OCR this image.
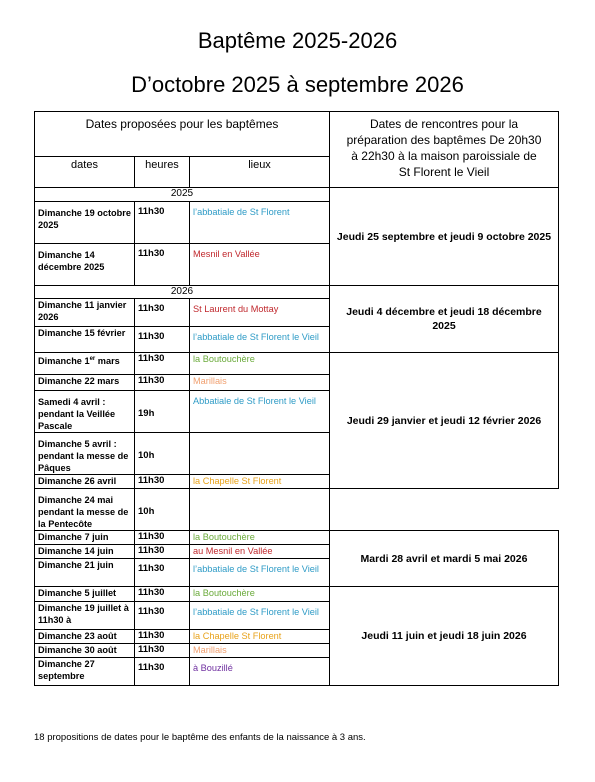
Baptême 2025-2026
D’octobre 2025 à septembre 2026
Dates proposées pour les baptêmes			Dates de rencontres pour la préparation des baptêmes De 20h30 à 22h30 à la maison paroissiale de St Florent le Vieil
dates	heures	lieux	
2025			Jeudi 25 septembre et jeudi 9 octobre 2025
Dimanche 19 octobre 2025	11h30	l’abbatiale de St Florent	
Dimanche 14 décembre 2025	11h30	Mesnil en Vallée	
2026			Jeudi 4 décembre et jeudi 18 décembre 2025
Dimanche 11 janvier 2026	11h30	St Laurent du Mottay	
Dimanche 15 février	11h30	l’abbatiale de St Florent le Vieil	
Dimanche 1er mars	11h30	la Boutouchère	Jeudi 29 janvier et jeudi 12 février 2026
Dimanche 22 mars	11h30	Marillais	
Samedi 4 avril : pendant la Veillée Pascale	19h	Abbatiale de St Florent le Vieil	
Dimanche 5 avril : pendant la messe de Pâques	10h		
Dimanche 26 avril	11h30	la Chapelle St Florent	
Dimanche 24 mai pendant la messe de la Pentecôte	10h		
Dimanche 7 juin	11h30	la Boutouchère	Mardi 28 avril et mardi 5 mai 2026
Dimanche 14 juin	11h30	au Mesnil en Vallée	
Dimanche 21 juin	11h30	l’abbatiale de St Florent le Vieil	
Dimanche 5 juillet	11h30	la Boutouchère	Jeudi 11 juin et jeudi 18 juin 2026
Dimanche 19 juillet à 11h30 à	11h30	l’abbatiale de St Florent le Vieil	
Dimanche 23 août	11h30	la Chapelle St Florent	
Dimanche 30 août	11h30	Marillais	
Dimanche 27 septembre	11h30	à Bouzillé	
18 propositions de dates pour le baptême des enfants de la naissance à 3 ans.
